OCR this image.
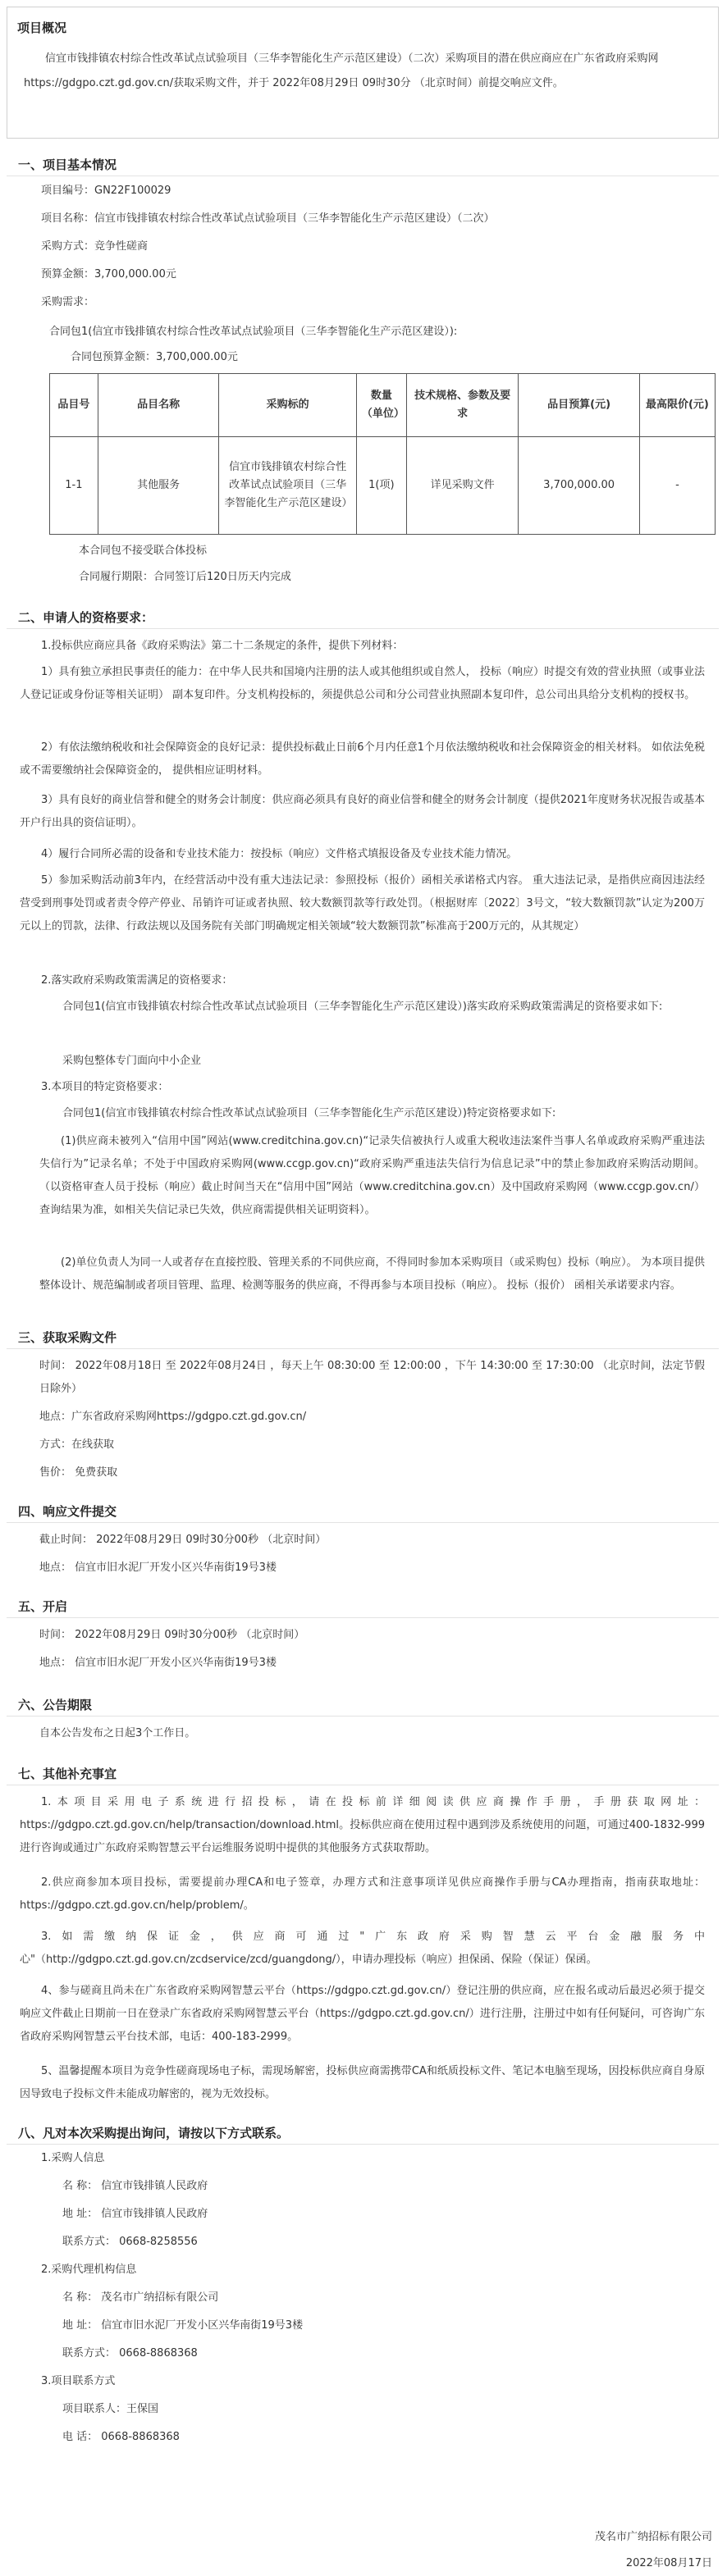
项目概况
信宜市钱排镇农村综合性改革试点试验项目（三华李智能化生产示范区建设）（二次）采购项目的潜在供应商应在广东省政府采购网https://gdgpo.czt.gd.gov.cn/获取采购文件，并于 2022年08月29日 09时30分 （北京时间）前提交响应文件。
一、项目基本情况
项目编号：GN22F100029
项目名称：信宜市钱排镇农村综合性改革试点试验项目（三华李智能化生产示范区建设）（二次）
采购方式：竞争性磋商
预算金额：3,700,000.00元
采购需求：
合同包1(信宜市钱排镇农村综合性改革试点试验项目（三华李智能化生产示范区建设）):
合同包预算金额：3,700,000.00元
品目号	品目名称	采购标的	数量（单位）	技术规格、参数及要求	品目预算(元)	最高限价(元)
1-1	其他服务	信宜市钱排镇农村综合性改革试点试验项目（三华李智能化生产示范区建设）	1(项)	详见采购文件	3,700,000.00	-
本合同包不接受联合体投标
合同履行期限：合同签订后120日历天内完成
二、申请人的资格要求：
1.投标供应商应具备《政府采购法》第二十二条规定的条件，提供下列材料：
1）具有独立承担民事责任的能力：在中华人民共和国境内注册的法人或其他组织或自然人， 投标（响应）时提交有效的营业执照（或事业法人登记证或身份证等相关证明） 副本复印件。分支机构投标的，须提供总公司和分公司营业执照副本复印件，总公司出具给分支机构的授权书。
2）有依法缴纳税收和社会保障资金的良好记录：提供投标截止日前6个月内任意1个月依法缴纳税收和社会保障资金的相关材料。 如依法免税或不需要缴纳社会保障资金的， 提供相应证明材料。
3）具有良好的商业信誉和健全的财务会计制度：供应商必须具有良好的商业信誉和健全的财务会计制度（提供2021年度财务状况报告或基本开户行出具的资信证明）。
4）履行合同所必需的设备和专业技术能力：按投标（响应）文件格式填报设备及专业技术能力情况。
5）参加采购活动前3年内，在经营活动中没有重大违法记录：参照投标（报价）函相关承诺格式内容。 重大违法记录，是指供应商因违法经营受到刑事处罚或者责令停产停业、吊销许可证或者执照、较大数额罚款等行政处罚。（根据财库〔2022〕3号文，“较大数额罚款”认定为200万元以上的罚款，法律、行政法规以及国务院有关部门明确规定相关领域“较大数额罚款”标准高于200万元的，从其规定）
2.落实政府采购政策需满足的资格要求：
合同包1(信宜市钱排镇农村综合性改革试点试验项目（三华李智能化生产示范区建设）)落实政府采购政策需满足的资格要求如下:
采购包整体专门面向中小企业
3.本项目的特定资格要求：
合同包1(信宜市钱排镇农村综合性改革试点试验项目（三华李智能化生产示范区建设）)特定资格要求如下:
(1)供应商未被列入“信用中国”网站(www.creditchina.gov.cn)“记录失信被执行人或重大税收违法案件当事人名单或政府采购严重违法失信行为”记录名单；不处于中国政府采购网(www.ccgp.gov.cn)“政府采购严重违法失信行为信息记录”中的禁止参加政府采购活动期间。（以资格审查人员于投标（响应）截止时间当天在“信用中国”网站（www.creditchina.gov.cn）及中国政府采购网（www.ccgp.gov.cn/）查询结果为准，如相关失信记录已失效，供应商需提供相关证明资料）。
(2)单位负责人为同一人或者存在直接控股、管理关系的不同供应商，不得同时参加本采购项目（或采购包）投标（响应）。 为本项目提供整体设计、规范编制或者项目管理、监理、检测等服务的供应商，不得再参与本项目投标（响应）。 投标（报价） 函相关承诺要求内容。
三、获取采购文件
时间： 2022年08月18日 至 2022年08月24日 ，每天上午 08:30:00 至 12:00:00 ，下午 14:30:00 至 17:30:00 （北京时间，法定节假日除外）
地点：广东省政府采购网https://gdgpo.czt.gd.gov.cn/
方式：在线获取
售价： 免费获取
四、响应文件提交
截止时间： 2022年08月29日 09时30分00秒 （北京时间）
地点： 信宜市旧水泥厂开发小区兴华南街19号3楼
五、开启
时间： 2022年08月29日 09时30分00秒 （北京时间）
地点： 信宜市旧水泥厂开发小区兴华南街19号3楼
六、公告期限
自本公告发布之日起3个工作日。
七、其他补充事宜
1.本项目采用电子系统进行招投标，请在投标前详细阅读供应商操作手册，手册获取网址：https://gdgpo.czt.gd.gov.cn/help/transaction/download.html。投标供应商在使用过程中遇到涉及系统使用的问题，可通过400-1832-999进行咨询或通过广东政府采购智慧云平台运维服务说明中提供的其他服务方式获取帮助。
2.供应商参加本项目投标，需要提前办理CA和电子签章，办理方式和注意事项详见供应商操作手册与CA办理指南，指南获取地址：https://gdgpo.czt.gd.gov.cn/help/problem/。
3.如需缴纳保证金，供应商可通过"广东政府采购智慧云平台金融服务中心"（http://gdgpo.czt.gd.gov.cn/zcdservice/zcd/guangdong/），申请办理投标（响应）担保函、保险（保证）保函。
4、参与磋商且尚未在广东省政府采购网智慧云平台（https://gdgpo.czt.gd.gov.cn/）登记注册的供应商，应在报名或动后最迟必须于提交响应文件截止日期前一日在登录广东省政府采购网智慧云平台（https://gdgpo.czt.gd.gov.cn/）进行注册，注册过中如有任何疑问，可咨询广东省政府采购网智慧云平台技术部，电话：400-183-2999。
5、温馨提醒本项目为竞争性磋商现场电子标，需现场解密，投标供应商需携带CA和纸质投标文件、笔记本电脑至现场，因投标供应商自身原因导致电子投标文件未能成功解密的，视为无效投标。
八、凡对本次采购提出询问，请按以下方式联系。
1.采购人信息
名 称： 信宜市钱排镇人民政府
地 址： 信宜市钱排镇人民政府
联系方式： 0668-8258556
2.采购代理机构信息
名 称： 茂名市广纳招标有限公司
地 址： 信宜市旧水泥厂开发小区兴华南街19号3楼
联系方式： 0668-8868368
3.项目联系方式
项目联系人：王保国
电 话： 0668-8868368
茂名市广纳招标有限公司
2022年08月17日
